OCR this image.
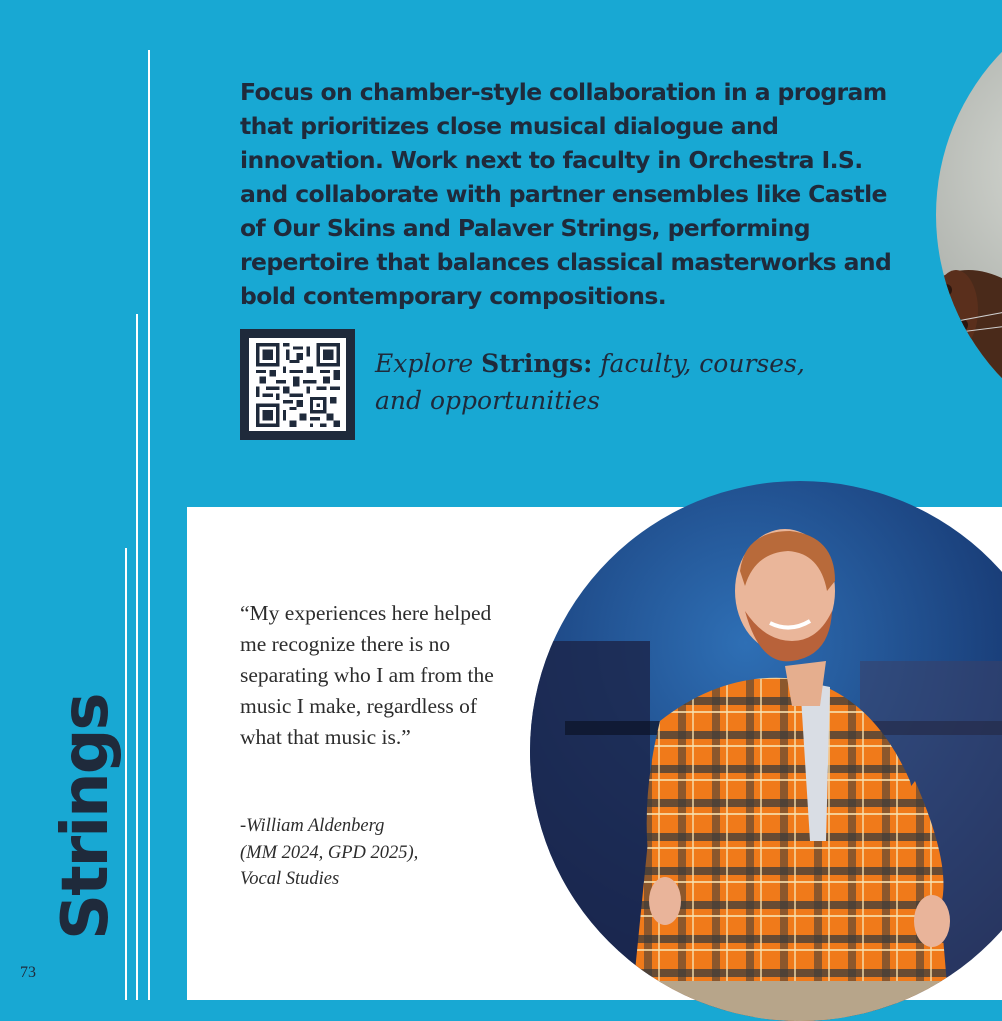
Focus on chamber-style collaboration in a program that prioritizes close musical dialogue and innovation. Work next to faculty in Orchestra I.S. and collaborate with partner ensembles like Castle of Our Skins and Palaver Strings, performing repertoire that balances classical masterworks and bold contemporary compositions.

Explore Strings: faculty, courses, and opportunities

“My experiences here helped me recognize there is no separating who I am from the music I make, regardless of what that music is.”

-William Aldenberg
(MM 2024, GPD 2025),
Vocal Studies

Strings
73
